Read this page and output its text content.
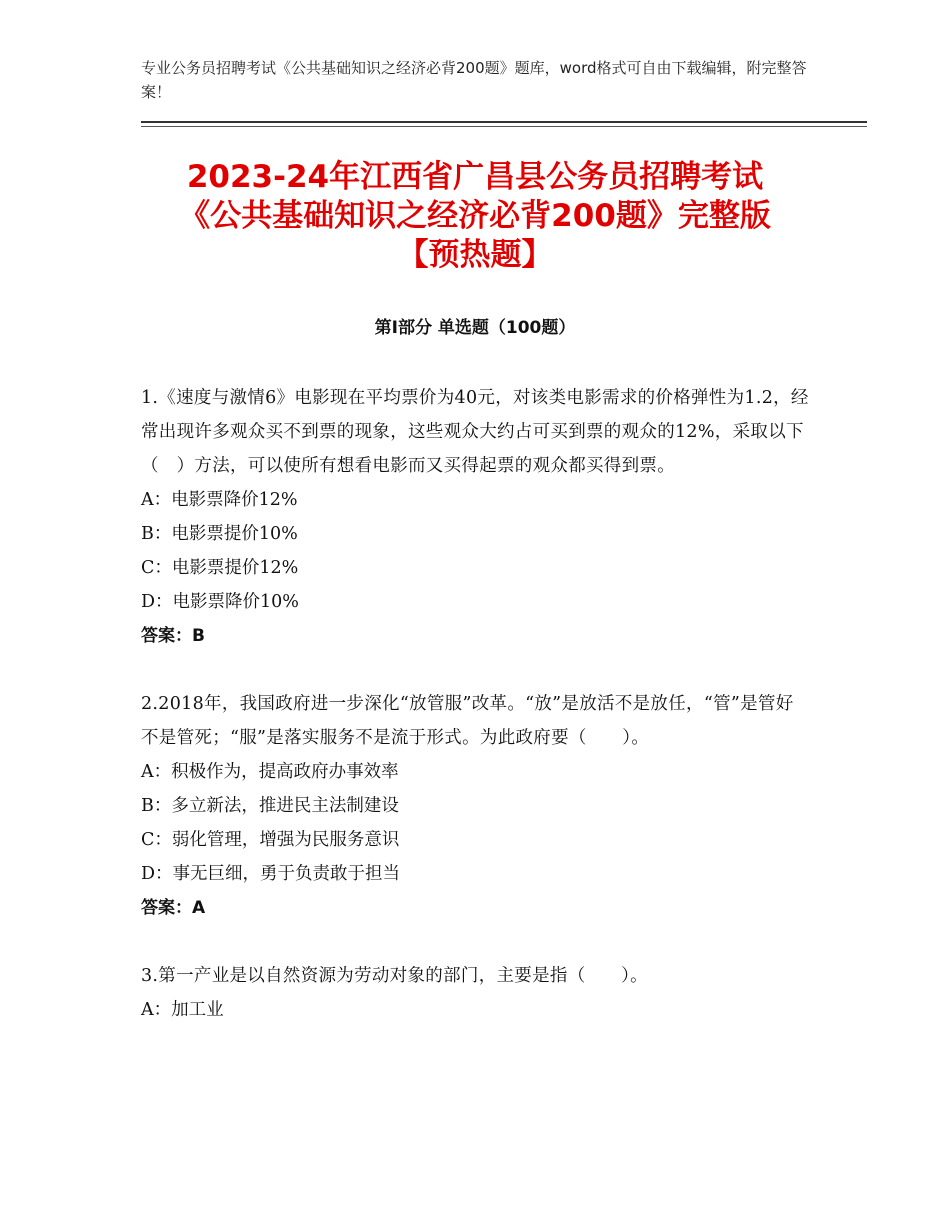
专业公务员招聘考试《公共基础知识之经济必背200题》题库，word格式可自由下载编辑，附完整答案！
2023-24年江西省广昌县公务员招聘考试
《公共基础知识之经济必背200题》完整版
【预热题】
第Ⅰ部分 单选题（100题）
1.《速度与激情6》电影现在平均票价为40元，对该类电影需求的价格弹性为1.2，经常出现许多观众买不到票的现象，这些观众大约占可买到票的观众的12%，采取以下（　）方法，可以使所有想看电影而又买得起票的观众都买得到票。
A：电影票降价12%
B：电影票提价10%
C：电影票提价12%
D：电影票降价10%
答案：B
2.2018年，我国政府进一步深化“放管服”改革。“放”是放活不是放任，“管”是管好不是管死；“服”是落实服务不是流于形式。为此政府要（　　）。
A：积极作为，提高政府办事效率
B：多立新法，推进民主法制建设
C：弱化管理，增强为民服务意识
D：事无巨细，勇于负责敢于担当
答案：A
3.第一产业是以自然资源为劳动对象的部门，主要是指（　　）。
A：加工业
